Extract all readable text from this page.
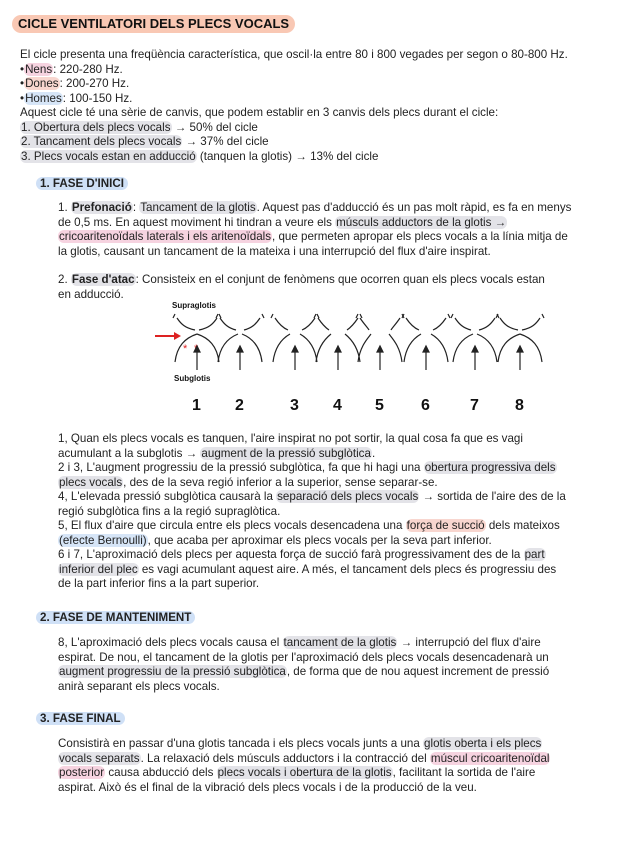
CICLE VENTILATORI DELS PLECS VOCALS
El cicle presenta una freqüència característica, que oscil·la entre 80 i 800 vegades per segon o 80-800 Hz.
•Nens: 220-280 Hz.
•Dones: 200-270 Hz.
•Homes: 100-150 Hz.
Aquest cicle té una sèrie de canvis, que podem establir en 3 canvis dels plecs durant el cicle:
1. Obertura dels plecs vocals → 50% del cicle
2. Tancament dels plecs vocals → 37% del cicle
3. Plecs vocals estan en adducció (tanquen la glotis) → 13% del cicle
1. FASE D'INICI
1. Prefonació: Tancament de la glotis. Aquest pas d'adducció és un pas molt ràpid, es fa en menys
de 0,5 ms. En aquest moviment hi tindran a veure els músculs adductors de la glotis →
cricoaritenoïdals laterals i els aritenoïdals, que permeten apropar els plecs vocals a la línia mitja de
la glotis, causant un tancament de la mateixa i una interrupció del flux d'aire inspirat.
2. Fase d'atac: Consisteix en el conjunt de fenòmens que ocorren quan els plecs vocals estan
en adducció.
Supraglotis
Subglotis
*
1 2	3 4 5 6	7 8
1, Quan els plecs vocals es tanquen, l'aire inspirat no pot sortir, la qual cosa fa que es vagi
acumulant a la subglotis → augment de la pressió subglòtica.
2 i 3, L'augment progressiu de la pressió subglòtica, fa que hi hagi una obertura progressiva dels
plecs vocals, des de la seva regió inferior a la superior, sense separar-se.
4, L'elevada pressió subglòtica causarà la separació dels plecs vocals → sortida de l'aire des de la
regió subglòtica fins a la regió supraglòtica.
5, El flux d'aire que circula entre els plecs vocals desencadena una força de succió dels mateixos
(efecte Bernoulli), que acaba per aproximar els plecs vocals per la seva part inferior.
6 i 7, L'aproximació dels plecs per aquesta força de succió farà progressivament des de la part
inferior del plec es vagi acumulant aquest aire. A més, el tancament dels plecs és progressiu des
de la part inferior fins a la part superior.
2. FASE DE MANTENIMENT
8, L'aproximació dels plecs vocals causa el tancament de la glotis → interrupció del flux d'aire
espirat. De nou, el tancament de la glotis per l'aproximació dels plecs vocals desencadenarà un
augment progressiu de la pressió subglòtica, de forma que de nou aquest increment de pressió
anirà separant els plecs vocals.
3. FASE FINAL
Consistirà en passar d'una glotis tancada i els plecs vocals junts a una glotis oberta i els plecs
vocals separats. La relaxació dels músculs adductors i la contracció del múscul cricoaritenoïdal
posterior causa abducció dels plecs vocals i obertura de la glotis, facilitant la sortida de l'aire
aspirat. Això és el final de la vibració dels plecs vocals i de la producció de la veu.
